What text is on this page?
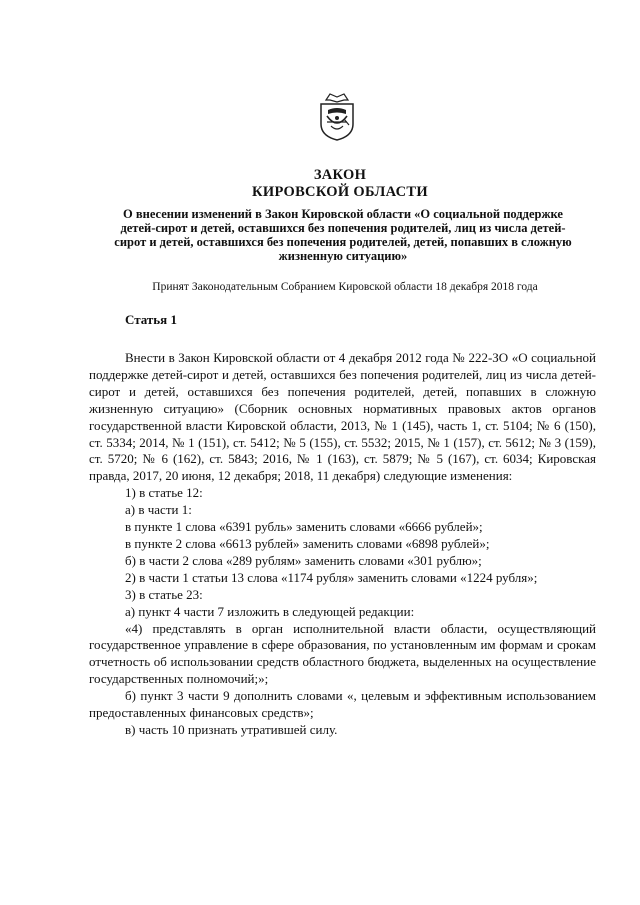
ЗАКОН
КИРОВСКОЙ ОБЛАСТИ
О внесении изменений в Закон Кировской области «О социальной поддержке детей-сирот и детей, оставшихся без попечения родителей, лиц из числа детей-сирот и детей, оставшихся без попечения родителей, детей, попавших в сложную жизненную ситуацию»
Принят Законодательным Собранием Кировской области 18 декабря 2018 года
Статья 1

Внести в Закон Кировской области от 4 декабря 2012 года № 222-ЗО «О социальной поддержке детей-сирот и детей, оставшихся без попечения родителей, лиц из числа детей-сирот и детей, оставшихся без попечения родителей, детей, попавших в сложную жизненную ситуацию» (Сборник основных нормативных правовых актов органов государственной власти Кировской области, 2013, № 1 (145), часть 1, ст. 5104; № 6 (150), ст. 5334; 2014, № 1 (151), ст. 5412; № 5 (155), ст. 5532; 2015, № 1 (157), ст. 5612; № 3 (159), ст. 5720; № 6 (162), ст. 5843; 2016, № 1 (163), ст. 5879; № 5 (167), ст. 6034; Кировская правда, 2017, 20 июня, 12 декабря; 2018, 11 декабря) следующие изменения:

1) в статье 12:

а) в части 1:

в пункте 1 слова «6391 рубль» заменить словами «6666 рублей»;

в пункте 2 слова «6613 рублей» заменить словами «6898 рублей»;

б) в части 2 слова «289 рублям» заменить словами «301 рублю»;

2) в части 1 статьи 13 слова «1174 рубля» заменить словами «1224 рубля»;

3) в статье 23:

а) пункт 4 части 7 изложить в следующей редакции:

«4) представлять в орган исполнительной власти области, осуществляющий государственное управление в сфере образования, по установленным им формам и срокам отчетность об использовании средств областного бюджета, выделенных на осуществление государственных полномочий;»;

б) пункт 3 части 9 дополнить словами «, целевым и эффективным использованием предоставленных финансовых средств»;

в) часть 10 признать утратившей силу.
